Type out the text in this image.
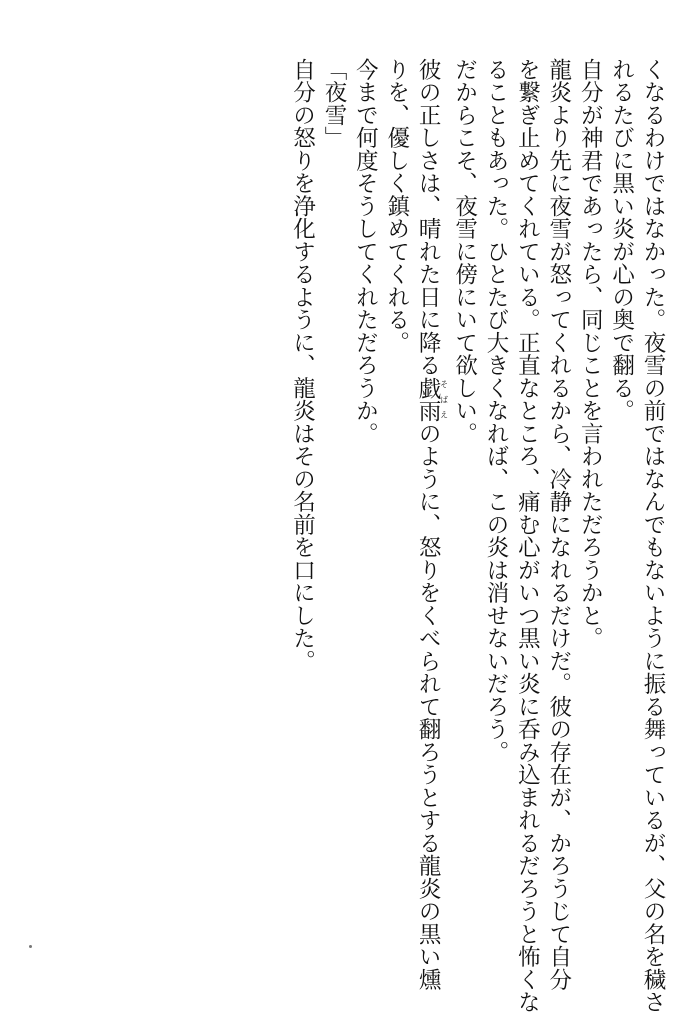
くなるわけではなかった。夜雪の前ではなんでもないように振る舞っているが、父の名を穢さ
れるたびに黒い炎が心の奥で翻る。
自分が神君であったら、同じことを言われただろうかと。
龍炎より先に夜雪が怒ってくれるから、冷静になれるだけだ。彼の存在が、かろうじて自分
を繋ぎ止めてくれている。正直なところ、痛む心がいつ黒い炎に呑み込まれるだろうと怖くな
ることもあった。ひとたび大きくなれば、この炎は消せないだろう。
だからこそ、夜雪に傍にいて欲しい。
彼の正しさは、晴れた日に降る戯雨そばえのように、怒りをくべられて翻ろうとする龍炎の黒い燻
りを、優しく鎮めてくれる。
今まで何度そうしてくれただろうか。
「夜雪」
自分の怒りを浄化するように、龍炎はその名前を口にした。
